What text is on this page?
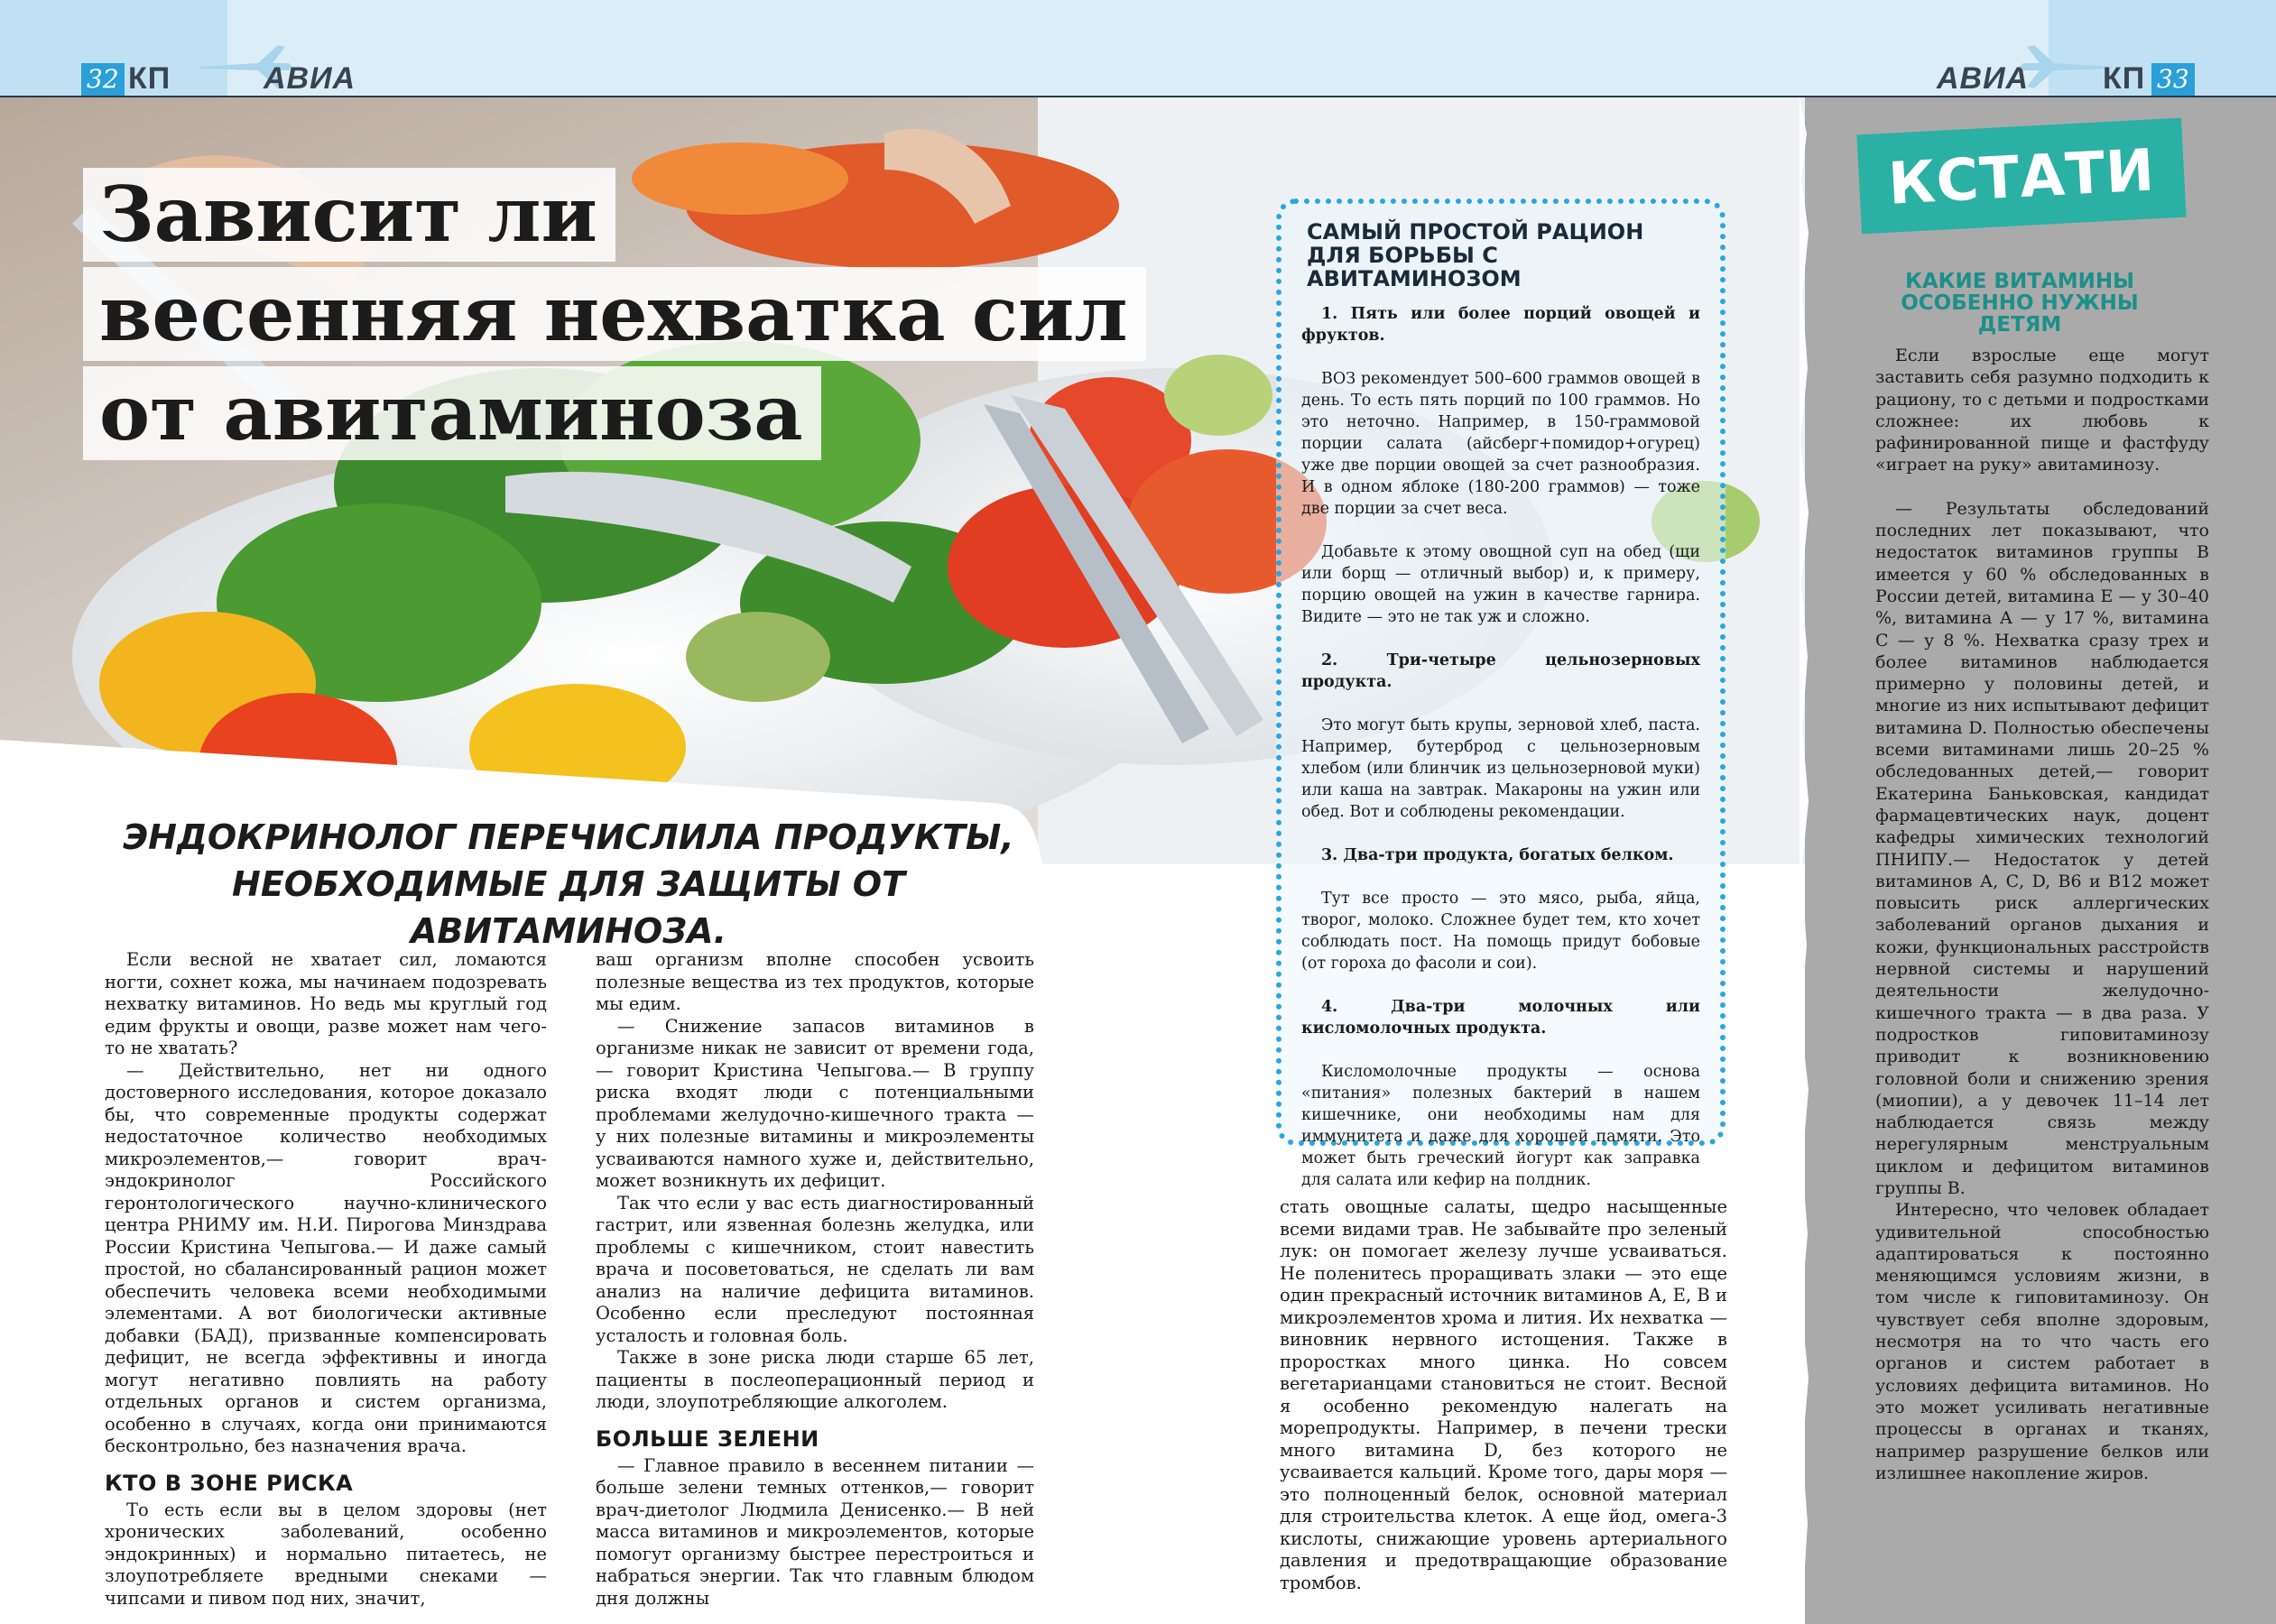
32 КП	АВИА	АВИА КП 33
Зависит ли
весенняя нехватка сил
от авитаминоза
ЭНДОКРИНОЛОГ ПЕРЕЧИСЛИЛА ПРОДУКТЫ,
НЕОБХОДИМЫЕ ДЛЯ ЗАЩИТЫ ОТ АВИТАМИНОЗА.

Если весной не хватает сил, ломаются ногти, сохнет кожа, мы начинаем подозревать нехватку витаминов. Но ведь мы круглый год едим фрукты и овощи, разве может нам чего-то не хватать?

— Действительно, нет ни одного достоверного исследования, которое доказало бы, что современные продукты содержат недостаточное количество необходимых микроэлементов,— говорит врач-эндокринолог Российского геронтологического научно-клинического центра РНИМУ им. Н.И. Пирогова Минздрава России Кристина Чепыгова.— И даже самый простой, но сбалансированный рацион может обеспечить человека всеми необходимыми элементами. А вот биологически активные добавки (БАД), призванные компенсировать дефицит, не всегда эффективны и иногда могут негативно повлиять на работу отдельных органов и систем организма, особенно в случаях, когда они принимаются бесконтрольно, без назначения врача.

КТО В ЗОНЕ РИСКА

То есть если вы в целом здоровы (нет хронических заболеваний, особенно эндокринных) и нормально питаетесь, не злоупотребляете вредными снеками — чипсами и пивом под них, значит,

ваш организм вполне способен усвоить полезные вещества из тех продуктов, которые мы едим.

— Снижение запасов витаминов в организме никак не зависит от времени года,— говорит Кристина Чепыгова.— В группу риска входят люди с потенциальными проблемами желудочно-кишечного тракта — у них полезные витамины и микроэлементы усваиваются намного хуже и, действительно, может возникнуть их дефицит.

Так что если у вас есть диагностированный гастрит, или язвенная болезнь желудка, или проблемы с кишечником, стоит навестить врача и посоветоваться, не сделать ли вам анализ на наличие дефицита витаминов. Особенно если преследуют постоянная усталость и головная боль.

Также в зоне риска люди старше 65 лет, пациенты в послеоперационный период и люди, злоупотребляющие алкоголем.

БОЛЬШЕ ЗЕЛЕНИ

— Главное правило в весеннем питании — больше зелени темных оттенков,— говорит врач-диетолог Людмила Денисенко.— В ней масса витаминов и микроэлементов, которые помогут организму быстрее перестроиться и набраться энергии. Так что главным блюдом дня должны

стать овощные салаты, щедро насыщенные всеми видами трав. Не забывайте про зеленый лук: он помогает железу лучше усваиваться. Не поленитесь проращивать злаки — это еще один прекрасный источник витаминов А, Е, В и микроэлементов хрома и лития. Их нехватка — виновник нервного истощения. Также в проростках много цинка. Но совсем вегетарианцами становиться не стоит. Весной я особенно рекомендую налегать на морепродукты. Например, в печени трески много витамина D, без которого не усваивается кальций. Кроме того, дары моря — это полноценный белок, основной материал для строительства клеток. А еще йод, омега-3 кислоты, снижающие уровень артериального давления и предотвращающие образование тромбов.

САМЫЙ ПРОСТОЙ РАЦИОН ДЛЯ БОРЬБЫ С АВИТАМИНОЗОМ

1. Пять или более порций овощей и фруктов.

ВОЗ рекомендует 500–600 граммов овощей в день. То есть пять порций по 100 граммов. Но это неточно. Например, в 150-граммовой порции салата (айсберг+помидор+огурец) уже две порции овощей за счет разнообразия. И в одном яблоке (180-200 граммов) — тоже две порции за счет веса.

Добавьте к этому овощной суп на обед (щи или борщ — отличный выбор) и, к примеру, порцию овощей на ужин в качестве гарнира. Видите — это не так уж и сложно.

2. Три-четыре цельнозерновых продукта.

Это могут быть крупы, зерновой хлеб, паста. Например, бутерброд с цельнозерновым хлебом (или блинчик из цельнозерновой муки) или каша на завтрак. Макароны на ужин или обед. Вот и соблюдены рекомендации.

3. Два-три продукта, богатых белком.

Тут все просто — это мясо, рыба, яйца, творог, молоко. Сложнее будет тем, кто хочет соблюдать пост. На помощь придут бобовые (от гороха до фасоли и сои).

4. Два-три молочных или кисломолочных продукта.

Кисломолочные продукты — основа «питания» полезных бактерий в нашем кишечнике, они необходимы нам для иммунитета и даже для хорошей памяти. Это может быть греческий йогурт как заправка для салата или кефир на полдник.

КСТАТИ
КАКИЕ ВИТАМИНЫ ОСОБЕННО НУЖНЫ ДЕТЯМ

Если взрослые еще могут заставить себя разумно подходить к рациону, то с детьми и подростками сложнее: их любовь к рафинированной пище и фастфуду «играет на руку» авитаминозу.

— Результаты обследований последних лет показывают, что недостаток витаминов группы В имеется у 60 % обследованных в России детей, витамина Е — у 30–40 %, витамина А — у 17 %, витамина С — у 8 %. Нехватка сразу трех и более витаминов наблюдается примерно у половины детей, и многие из них испытывают дефицит витамина D. Полностью обеспечены всеми витаминами лишь 20–25 % обследованных детей,— говорит Екатерина Баньковская, кандидат фармацевтических наук, доцент кафедры химических технологий ПНИПУ.— Недостаток у детей витаминов А, С, D, В6 и В12 может повысить риск аллергических заболеваний органов дыхания и кожи, функциональных расстройств нервной системы и нарушений деятельности желудочно-кишечного тракта — в два раза. У подростков гиповитаминозу приводит к возникновению головной боли и снижению зрения (миопии), а у девочек 11–14 лет наблюдается связь между нерегулярным менструальным циклом и дефицитом витаминов группы В.

Интересно, что человек обладает удивительной способностью адаптироваться к постоянно меняющимся условиям жизни, в том числе к гиповитаминозу. Он чувствует себя вполне здоровым, несмотря на то что часть его органов и систем работает в условиях дефицита витаминов. Но это может усиливать негативные процессы в органах и тканях, например разрушение белков или излишнее накопление жиров.
